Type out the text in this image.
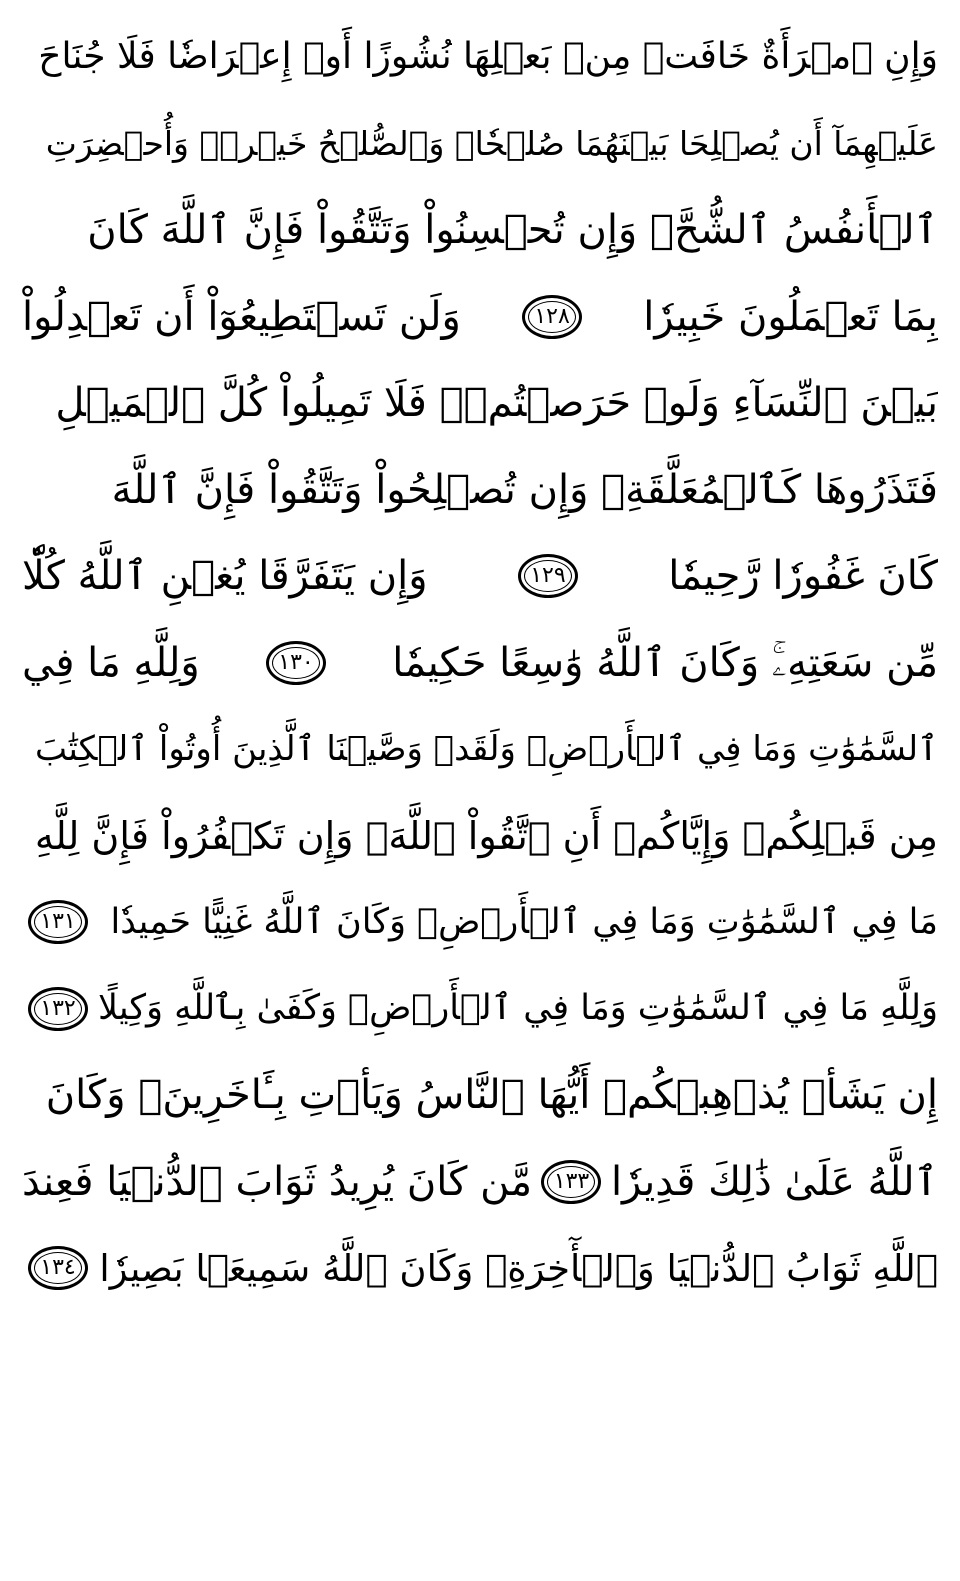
وَإِنِ ٱمۡرَأَةٌ خَافَتۡ مِنۢ بَعۡلِهَا نُشُوزًا أَوۡ إِعۡرَاضٗا فَلَا جُنَاحَ
عَلَيۡهِمَآ أَن يُصۡلِحَا بَيۡنَهُمَا صُلۡحٗاۚ وَٱلصُّلۡحُ خَيۡرٞۗ وَأُحۡضِرَتِ
ٱلۡأَنفُسُ ٱلشُّحَّۚ وَإِن تُحۡسِنُواْ وَتَتَّقُواْ فَإِنَّ ٱللَّهَ كَانَ
بِمَا تَعۡمَلُونَ خَبِيرٗا
١٢٨
وَلَن تَسۡتَطِيعُوٓاْ أَن تَعۡدِلُواْ
بَيۡنَ ٱلنِّسَآءِ وَلَوۡ حَرَصۡتُمۡۖ فَلَا تَمِيلُواْ كُلَّ ٱلۡمَيۡلِ
فَتَذَرُوهَا كَٱلۡمُعَلَّقَةِۚ وَإِن تُصۡلِحُواْ وَتَتَّقُواْ فَإِنَّ ٱللَّهَ
كَانَ غَفُورٗا رَّحِيمٗا
١٢٩
وَإِن يَتَفَرَّقَا يُغۡنِ ٱللَّهُ كُلّٗا
مِّن سَعَتِهِۦۚ وَكَانَ ٱللَّهُ وَٰسِعًا حَكِيمٗا
١٣٠
وَلِلَّهِ مَا فِي
ٱلسَّمَٰوَٰتِ وَمَا فِي ٱلۡأَرۡضِۗ وَلَقَدۡ وَصَّيۡنَا ٱلَّذِينَ أُوتُواْ ٱلۡكِتَٰبَ
مِن قَبۡلِكُمۡ وَإِيَّاكُمۡ أَنِ ٱتَّقُواْ ٱللَّهَۚ وَإِن تَكۡفُرُواْ فَإِنَّ لِلَّهِ
مَا فِي ٱلسَّمَٰوَٰتِ وَمَا فِي ٱلۡأَرۡضِۚ وَكَانَ ٱللَّهُ غَنِيًّا حَمِيدٗا
١٣١
وَلِلَّهِ مَا فِي ٱلسَّمَٰوَٰتِ وَمَا فِي ٱلۡأَرۡضِۚ وَكَفَىٰ بِٱللَّهِ وَكِيلًا
١٣٢
إِن يَشَأۡ يُذۡهِبۡكُمۡ أَيُّهَا ٱلنَّاسُ وَيَأۡتِ بِـَٔاخَرِينَۚ وَكَانَ
ٱللَّهُ عَلَىٰ ذَٰلِكَ قَدِيرٗا
١٣٣
مَّن كَانَ يُرِيدُ ثَوَابَ ٱلدُّنۡيَا فَعِندَ
ٱللَّهِ ثَوَابُ ٱلدُّنۡيَا وَٱلۡأٓخِرَةِۚ وَكَانَ ٱللَّهُ سَمِيعَۢا بَصِيرٗا
١٣٤
